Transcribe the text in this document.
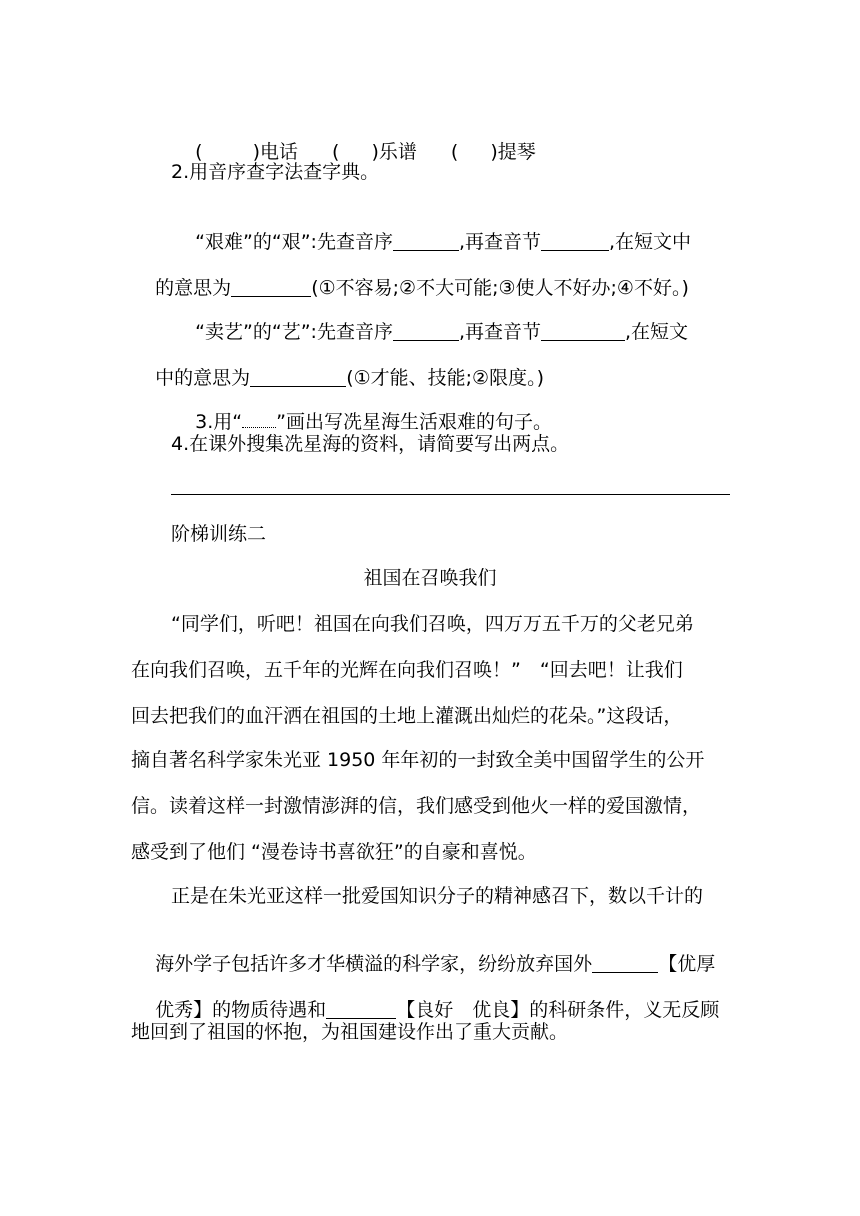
(	)电话 ( )乐谱 ( )提琴

2.用音序查字法查字典。

“艰难”的“艰”:先查音序	,再查音节	,在短文中

的意思为	(①不容易;②不大可能;③使人不好办;④不好。)

“卖艺”的“艺”:先查音序	,再查音节	,在短文

中的意思为	(①才能、技能;②限度。)

3.用“ ”画出写冼星海生活艰难的句子。

4.在课外搜集冼星海的资料，请简要写出两点。
阶梯训练二
祖国在召唤我们
“同学们，听吧！祖国在向我们召唤，四万万五千万的父老兄弟
在向我们召唤，五千年的光辉在向我们召唤！”　“回去吧！让我们
回去把我们的血汗洒在祖国的土地上灌溉出灿烂的花朵。”这段话，
摘自著名科学家朱光亚 1950 年年初的一封致全美中国留学生的公开
信。读着这样一封激情澎湃的信，我们感受到他火一样的爱国激情，
感受到了他们 “漫卷诗书喜欲狂”的自豪和喜悦。
正是在朱光亚这样一批爱国知识分子的精神感召下，数以千计的

海外学子包括许多才华横溢的科学家，纷纷放弃国外	【优厚

优秀】的物质待遇和	【良好　优良】的科研条件，义无反顾

地回到了祖国的怀抱，为祖国建设作出了重大贡献。
